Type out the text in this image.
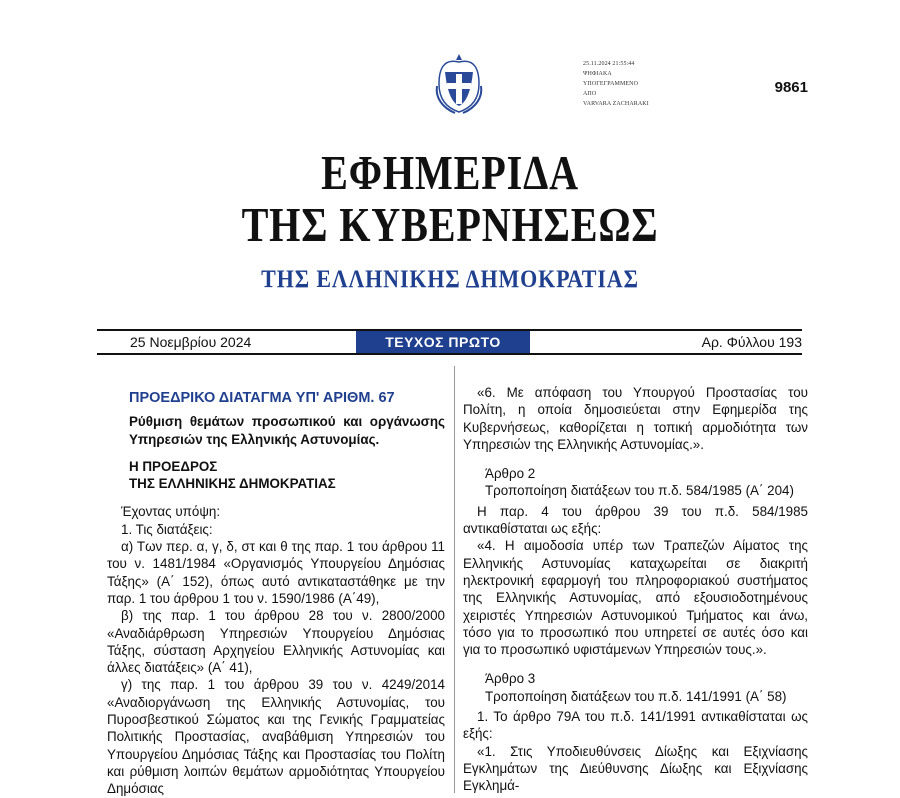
25.11.2024 21:55:44
ΨΗΦΙΑΚΑ
ΥΠΟΓΕΓΡΑΜΜΕΝΟ
ΑΠΟ
VARVARA ZACHARAKI
9861
ΕΦΗΜΕΡΙΔΑ
ΤΗΣ ΚΥΒΕΡΝΗΣΕΩΣ
ΤΗΣ ΕΛΛΗΝΙΚΗΣ ΔΗΜΟΚΡΑΤΙΑΣ
25 Νοεμβρίου 2024	ΤΕΥΧΟΣ ΠΡΩΤΟ	Αρ. Φύλλου 193

ΠΡΟΕΔΡΙΚΟ ΔΙΑΤΑΓΜΑ ΥΠ' ΑΡΙΘΜ. 67

Ρύθμιση θεμάτων προσωπικού και οργάνωσης Υπηρεσιών της Ελληνικής Αστυνομίας.

Η ΠΡΟΕΔΡΟΣ

ΤΗΣ ΕΛΛΗΝΙΚΗΣ ΔΗΜΟΚΡΑΤΙΑΣ

Έχοντας υπόψη:

1. Τις διατάξεις:

α) Των περ. α, γ, δ, στ και θ της παρ. 1 του άρθρου 11 του ν. 1481/1984 «Οργανισμός Υπουργείου Δημόσιας Τάξης» (Α΄ 152), όπως αυτό αντικαταστάθηκε με την παρ. 1 του άρθρου 1 του ν. 1590/1986 (Α΄49),

β) της παρ. 1 του άρθρου 28 του ν. 2800/2000 «Αναδιάρθρωση Υπηρεσιών Υπουργείου Δημόσιας Τάξης, σύσταση Αρχηγείου Ελληνικής Αστυνομίας και άλλες διατάξεις» (Α΄ 41),

γ) της παρ. 1 του άρθρου 39 του ν. 4249/2014 «Αναδιοργάνωση της Ελληνικής Αστυνομίας, του Πυροσβεστικού Σώματος και της Γενικής Γραμματείας Πολιτικής Προστασίας, αναβάθμιση Υπηρεσιών του Υπουργείου Δημόσιας Τάξης και Προστασίας του Πολίτη και ρύθμιση λοιπών θεμάτων αρμοδιότητας Υπουργείου Δημόσιας

«6. Με απόφαση του Υπουργού Προστασίας του Πολίτη, η οποία δημοσιεύεται στην Εφημερίδα της Κυβερνήσεως, καθορίζεται η τοπική αρμοδιότητα των Υπηρεσιών της Ελληνικής Αστυνομίας.».

Άρθρο 2

Τροποποίηση διατάξεων του π.δ. 584/1985 (Α΄ 204)

Η παρ. 4 του άρθρου 39 του π.δ. 584/1985 αντικαθίσταται ως εξής:

«4. Η αιμοδοσία υπέρ των Τραπεζών Αίματος της Ελληνικής Αστυνομίας καταχωρείται σε διακριτή ηλεκτρονική εφαρμογή του πληροφοριακού συστήματος της Ελληνικής Αστυνομίας, από εξουσιοδοτημένους χειριστές Υπηρεσιών Αστυνομικού Τμήματος και άνω, τόσο για το προσωπικό που υπηρετεί σε αυτές όσο και για το προσωπικό υφιστάμενων Υπηρεσιών τους.».

Άρθρο 3

Τροποποίηση διατάξεων του π.δ. 141/1991 (Α΄ 58)

1. Το άρθρο 79Α του π.δ. 141/1991 αντικαθίσταται ως εξής:

«1. Στις Υποδιευθύνσεις Δίωξης και Εξιχνίασης Εγκλημάτων της Διεύθυνσης Δίωξης και Εξιχνίασης Εγκλημά-
